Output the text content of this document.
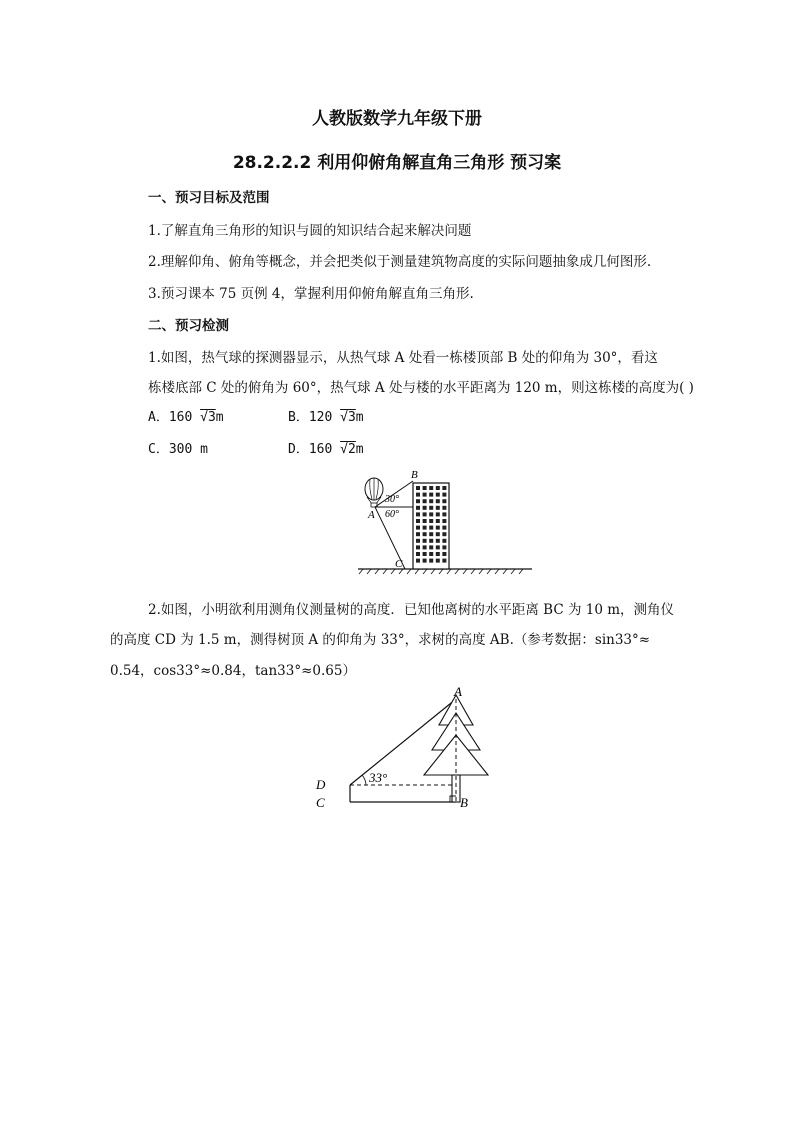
人教版数学九年级下册
28.2.2.2 利用仰俯角解直角三角形 预习案
一、预习目标及范围
1.了解直角三角形的知识与圆的知识结合起来解决问题
2.理解仰角、俯角等概念，并会把类似于测量建筑物高度的实际问题抽象成几何图形.
3.预习课本 75 页例 4，掌握利用仰俯角解直角三角形.
二、预习检测
1.如图，热气球的探测器显示，从热气球 A 处看一栋楼顶部 B 处的仰角为 30°，看这
栋楼底部 C 处的俯角为 60°，热气球 A 处与楼的水平距离为 120 m，则这栋楼的高度为( )
A．160 √3m	B．120 √3m
C．300 m	D．160 √2m
A
B
C
30°
60°
2.如图，小明欲利用测角仪测量树的高度．已知他离树的水平距离 BC 为 10 m，测角仪
的高度 CD 为 1.5 m，测得树顶 A 的仰角为 33°，求树的高度 AB.（参考数据：sin33°≈
0.54，cos33°≈0.84，tan33°≈0.65）
A
B
C
D	33°
